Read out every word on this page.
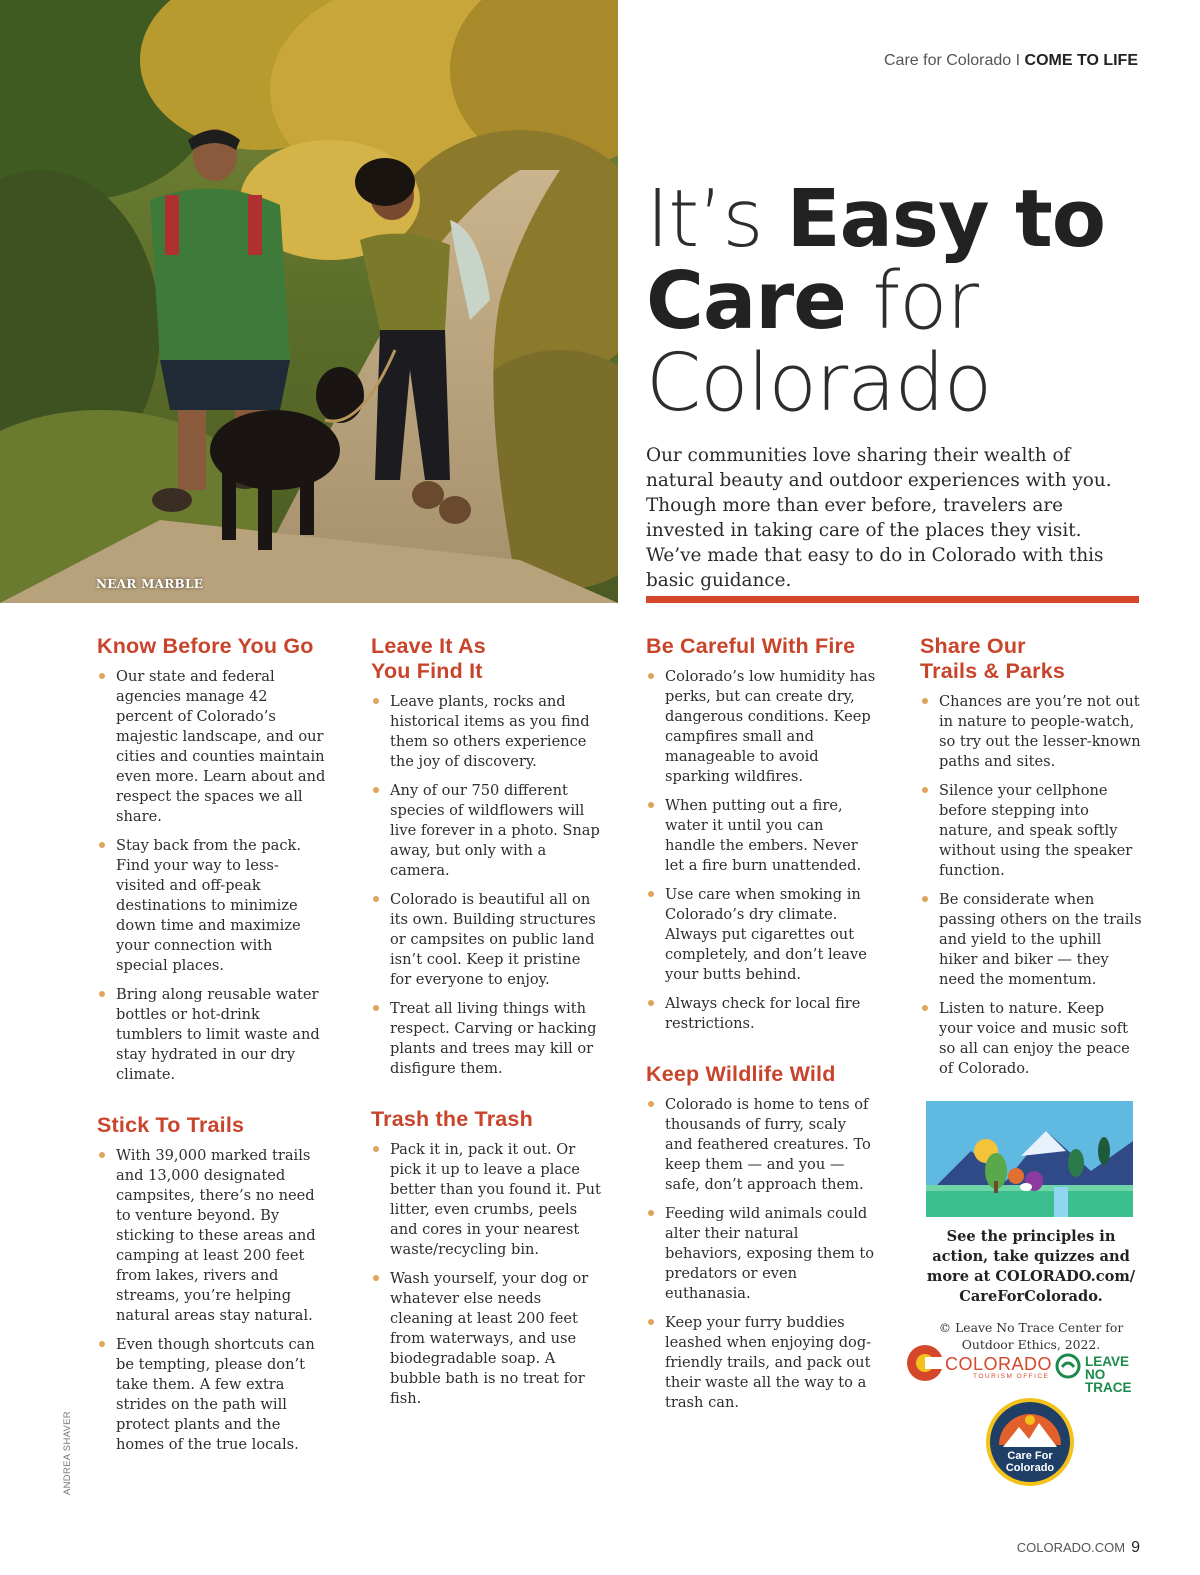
NEAR MARBLE
Care for Colorado I COME TO LIFE
It’s Easy to
Care for
Colorado

Our communities love sharing their wealth of natural beauty and outdoor experiences with you. Though more than ever before, travelers are invested in taking care of the places they visit. We’ve made that easy to do in Colorado with this basic guidance.

Know Before You Go
Our state and federal agencies manage 42 percent of Colorado’s majestic landscape, and our cities and counties maintain even more. Learn about and respect the spaces we all share.
Stay back from the pack. Find your way to less-visited and off-peak destinations to minimize down time and maximize your connection with special places.
Bring along reusable water bottles or hot-drink tumblers to limit waste and stay hydrated in our dry climate.
Stick To Trails
With 39,000 marked trails and 13,000 designated campsites, there’s no need to venture beyond. By sticking to these areas and camping at least 200 feet from lakes, rivers and streams, you’re helping natural areas stay natural.
Even though shortcuts can be tempting, please don’t take them. A few extra strides on the path will protect plants and the homes of the true locals.
Leave It As
You Find It
Leave plants, rocks and historical items as you find them so others experience the joy of discovery.
Any of our 750 different species of wildflowers will live forever in a photo. Snap away, but only with a camera.
Colorado is beautiful all on its own. Building structures or campsites on public land isn’t cool. Keep it pristine for everyone to enjoy.
Treat all living things with respect. Carving or hacking plants and trees may kill or disfigure them.
Trash the Trash
Pack it in, pack it out. Or pick it up to leave a place better than you found it. Put litter, even crumbs, peels and cores in your nearest waste/recycling bin.
Wash yourself, your dog or whatever else needs cleaning at least 200 feet from waterways, and use biodegradable soap. A bubble bath is no treat for fish.
Be Careful With Fire
Colorado’s low humidity has perks, but can create dry, dangerous conditions. Keep campfires small and manageable to avoid sparking wildfires.
When putting out a fire, water it until you can handle the embers. Never let a fire burn unattended.
Use care when smoking in Colorado’s dry climate. Always put cigarettes out completely, and don’t leave your butts behind.
Always check for local fire restrictions.
Keep Wildlife Wild
Colorado is home to tens of thousands of furry, scaly and feathered creatures. To keep them — and you — safe, don’t approach them.
Feeding wild animals could alter their natural behaviors, exposing them to predators or even euthanasia.
Keep your furry buddies leashed when enjoying dog-friendly trails, and pack out their waste all the way to a trash can.
Share Our
Trails & Parks
Chances are you’re not out in nature to people-watch, so try out the lesser-known paths and sites.
Silence your cellphone before stepping into nature, and speak softly without using the speaker function.
Be considerate when passing others on the trails and yield to the uphill hiker and biker — they need the momentum.
Listen to nature. Keep your voice and music soft so all can enjoy the peace of Colorado.

See the principles in action, take quizzes and more at COLORADO.com/ CareForColorado.

© Leave No Trace Center for Outdoor Ethics, 2022.

COLORADO
TOURISM OFFICE
LEAVE
NO TRACE
Care For
Colorado
ANDREA SHAVER
COLORADO.COM 9
